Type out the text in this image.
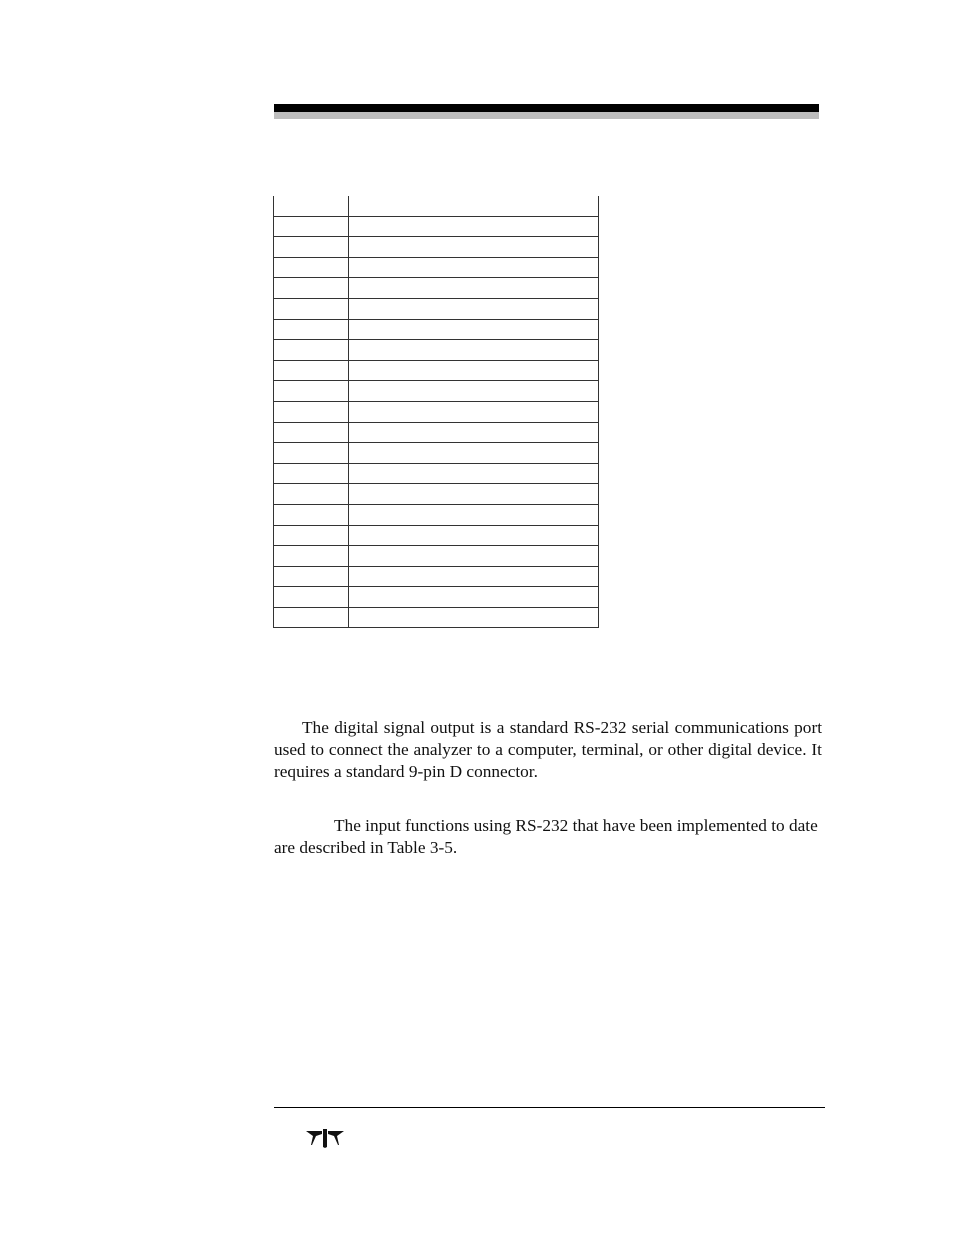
The digital signal output is a standard RS-232 serial communications port used to connect the analyzer to a computer, terminal, or other digital device. It requires a standard 9-pin D connector.

The input functions using RS-232 that have been implemented to date are described in Table 3-5.
